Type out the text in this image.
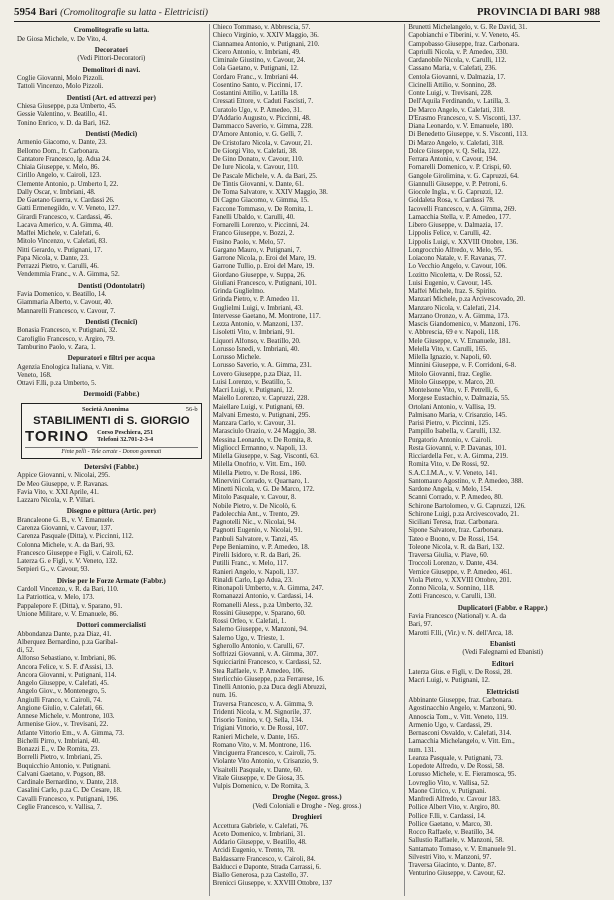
5954 Bari (Cromolitografie su latta - Elettricisti)	PROVINCIA DI BARI 988
Cromolitografie su latta.
De Giosa Michele, v. De Vito, 4.
Decoratori
(Vedi Pittori-Decoratori)
Demolitori di navi.
Coglie Giovanni, Molo Pizzoli.
Tattoli Vincenzo, Molo Pizzoli.
Dentisti (Art. ed attrezzi per)
Chiesa Giuseppe, p.za Umberto, 45.
Gessie Valentino, v. Beatillo, 41.
Tonino Enrico, v. D. da Bari, 162.
Dentisti (Medici)
Armenio Giacomo, v. Dante, 23.
Bellomo Dom., fr. Carbonara.
Cantatore Francesco, lg. Adua 24.
Chiaia Giuseppe, v. Melo, 86.
Cirillo Angelo, v. Cairoli, 123.
Clemente Antonio, p. Umberto I, 22.
Dally Oscar, v. Imbriani, 48.
De Gaetano Guerra, v. Cardassi 26.
Gatti Ermenegildo, v. V. Veneto, 127.
Girardi Francesco, v. Cardassi, 46.
Lacava Americo, v. A. Gimma, 40.
Maffei Michele, v. Calefati, 6.
Mitolo Vincenzo, v. Calefati, 83.
Nitti Gerardo, v. Putignani, 17.
Papa Nicola, v. Dante, 23.
Perrazzi Pietro, v. Carulli, 46.
Vendemmia Franc., v. A. Gimma, 52.
Dentisti (Odontolatri)
Favia Domenico, v. Beatillo, 14.
Giammaria Alberto, v. Cavour, 40.
Mannarelli Francesco, v. Cavour, 7.
Dentisti (Tecnici)
Bonasia Francesco, v. Putignani, 32.
Carofiglio Francesco, v. Argiro, 79.
Tamburino Paolo, v. Zara, 1.
Depuratori e filtri per acqua
Agenzia Enologica Italiana, v. Vitt.
Veneto, 168.
Ottavi F.lli, p.za Umberto, 5.
Dermoidi (Fabbr.)
56-b
Società Anonima
STABILIMENTI di S. GIORGIO
TORINO Corso Peschiera, 251
Telefoni 32.701-2-3-4
Finte pelli - Tele cerate - Donon gommati
Detersivi (Fabbr.)
Appice Giovanni, v. Nicolai, 295.
De Meo Giuseppe, v. P. Ravanas.
Favia Vito, v. XXI Aprile, 41.
Lazzaro Nicola, v. P. Villari.
Disegno e pittura (Artic. per)
Brancaleone G. B., v. V. Emanuele.
Carenza Giovanni, v. Cavour, 137.
Carenza Pasquale (Ditta), v. Piccinni, 112.
Colonna Michele, v. A. da Bari, 93.
Francesco Giuseppe e Figli, v. Cairoli, 62.
Laterza G. e Figli, v. V. Veneto, 132.
Serpieri G., v. Cavour, 93.
Divise per le Forze Armate (Fabbr.)
Cardoll Vincenzo, v. R. da Bari, 110.
La Patriottica, v. Melo, 173.
Pappalepore F. (Ditta), v. Sparano, 91.
Unione Militare, v. V. Emanuele, 86.
Dottori commercialisti
Abbondanza Dante, p.za Diaz, 41.
Alberquez Bernardino, p.za Garibal-
di, 52.
Alfonso Sebastiano, v. Imbriani, 86.
Ancora Felice, v. S. F. d'Assisi, 13.
Ancora Giovanni, v. Putignani, 114.
Angelo Giuseppe, v. Calefati, 45.
Angelo Giov., v. Montenegro, 5.
Angiulli Franco, v. Cairoli, 74.
Angione Giulio, v. Calefati, 66.
Annese Michele, v. Montrone, 103.
Armenise Giov., v. Trevisani, 22.
Atlante Vittorio Em., v. A. Gimma, 73.
Bichelli Pirro, v. Imbriani, 40.
Bonazzi E., v. De Romita, 23.
Borrelli Pietro, v. Imbriani, 25.
Buquicchio Antonio, v. Putignani.
Calvani Gaetano, v. Pogson, 88.
Cardinale Bernardino, v. Dante, 218.
Casalini Carlo, p.za C. De Cesare, 18.
Cavalli Francesco, v. Putignani, 196.
Ceglie Francesco, v. Vallisa, 7.
Chieco Tommaso, v. Abbrescia, 57.
Chieco Virginio, v. XXIV Maggio, 36.
Ciannamea Antonio, v. Putignani, 210.
Cicero Antonio, v. Imbriani, 49.
Ciminale Giustino, v. Cavour, 24.
Cola Gaetano, v. Putignani, 12.
Cordaro Franc., v. Imbriani 44.
Cosentino Santo, v. Piccinni, 17.
Costantini Attilio, v. Latilla 18.
Cressati Ettore, v. Caduti Fascisti, 7.
Curatolo Ugo, v. P. Amedeo, 31.
D'Addario Augusto, v. Piccinni, 48.
Dammacco Saverio, v. Gimma, 228.
D'Amore Antonio, v. G. Gelli, 7.
De Cristofaro Nicola, v. Cavour, 21.
De Giorgi Vito, v. Calefati, 38.
De Gino Donato, v. Cavour, 110.
De Iure Nicola, v. Cavour, 110.
De Pascale Michele, v. A. da Bari, 25.
De Tintis Giovanni, v. Dante, 61.
De Toma Salvatore, v. XXIV Maggio, 38.
Di Cagno Giacomo, v. Gimma, 15.
Faccone Tommaso, v. De Romita, 1.
Fanelli Ubaldo, v. Carulli, 40.
Fornarelli Lorenzo, v. Piccinni, 24.
Franco Giuseppe, v. Bozzi, 2.
Fusino Paolo, v. Melo, 57.
Gargano Mauro, v. Putignani, 7.
Garrone Nicola, p. Eroi del Mare, 19.
Garrone Tullio, p. Eroi del Mare, 19.
Giordano Giuseppe, v. Suppa, 26.
Giuliani Francesco, v. Putignani, 101.
Grinda Guglielmo.
Grinda Pietro, v. P. Amedeo 11.
Guglielmi Luigi, v. Imbriani, 43.
Intervesse Gaetano, M. Montrone, 117.
Lezza Antonio, v. Manzoni, 137.
Lisoletti Vito, v. Imbriani, 91.
Liquori Alfonso, v. Beatillo, 20.
Lorusso Isnedi, v. Imbriani, 40.
Lorusso Michele.
Lorusso Saverio, v. A. Gimma, 231.
Lovero Giuseppe, p.za Diaz, 11.
Luisi Lorenzo, v. Beatillo, 5.
Macri Luigi, v. Putignani, 12.
Maiello Lorenzo, v. Capruzzi, 228.
Maiellare Luigi, v. Putignani, 69.
Malvani Ernesto, v. Putignani, 295.
Manzara Carlo, v. Cavour, 31.
Marasciulo Orazio, v. 24 Maggio, 38.
Messina Leonardo, v. De Romita, 8.
Miglioccl Ermanno, v. Napoli, 13.
Milella Giuseppe, v. Sag. Visconti, 63.
Milella Onofrio, v. Vitt. Em., 160.
Milella Pietro, v. De Rossi, 186.
Minervini Corrado, v. Quarnaro, 1.
Minetti Nicola, v. G. De Marco, 172.
Mitolo Pasquale, v. Cavour, 8.
Nobile Pietro, v. De Nicolò, 6.
Padolecchia Ant., v. Trento, 29.
Pagnotelli Nic., v. Nicolai, 94.
Pagnotti Eugenio, v. Nicolai, 91.
Panbuli Salvatore, v. Tanzi, 45.
Pepe Beniamino, v. P. Amedeo, 18.
Pirelli Isidoro, v. R. da Bari, 26.
Putilli Franc., v. Melo, 117.
Ranieri Angelo, v. Napoli, 137.
Rinaldi Carlo, Lgo Adua, 23.
Rinonapoli Umberto, v. A. Gimma, 247.
Romanazzi Antonio, v. Cardassi, 14.
Romanelli Aless., p.za Umberto, 32.
Rossini Giuseppe, v. Sparano, 60.
Rossi Orfeo, v. Calefati, 1.
Salerno Giuseppe, v. Manzoni, 94.
Salerno Ugo, v. Trieste, 1.
Sgherollo Antonio, v. Carulli, 67.
Soffrizzi Giovanni, v. A. Gimma, 307.
Squicciarini Francesco, v. Cardassi, 52.
Stea Raffaele, v. P. Amedeo, 106.
Sterlicchio Giuseppe, p.za Ferrarese, 16.
Tinelli Antonio, p.za Duca degli Abruzzi,
num. 16.
Traversa Francesco, v. A. Gimma, 9.
Tridenti Nicola, v. M. Signorile, 37.
Trisorio Tonino, v. Q. Sella, 134.
Trigiani Vittorio, v. De Rossi, 107.
Ranieri Michele, v. Dante, 165.
Romano Vito, v. M. Montrone, 116.
Vinciguerra Francesco, v. Cairoli, 75.
Violante Vito Antonio, v. Crisanzio, 9.
Visaitelli Pasquale, v. Dante, 60.
Vitale Giuseppe, v. De Giosa, 35.
Vulpis Domenico, v. De Romita, 3.
Droghe (Negoz. gross.)
(Vedi Coloniali e Droghe - Neg. gross.)
Droghieri
Accettura Gabriele, v. Calefati, 76.
Aceto Domenico, v. Imbriani, 31.
Addario Giuseppe, v. Beatillo, 48.
Arcidi Eugenio, v. Trento, 78.
Baldassarre Francesco, v. Cairoli, 84.
Balducci e Daponte, Strada Carrassi, 6.
Biallo Generosa, p.za Castello, 37.
Brenicci Giuseppe, v. XXVIII Ottobre, 137
Brunetti Michelangelo, v. G. Re David, 31.
Capobianchi e Tiberini, v. V. Veneto, 45.
Campobasso Giuseppe, fraz. Carbonara.
Capriulli Nicola, v. P. Amedeo, 330.
Cardanobile Nicola, v. Carulli, 112.
Cassano Maria, v. Calefati, 236.
Centola Giovanni, v. Dalmazia, 17.
Cicinelli Attilio, v. Sonnino, 28.
Conte Luigi, v. Trevisani, 228.
Dell'Aquila Ferdinando, v. Latilla, 3.
De Marco Angelo, v. Calefati, 318.
D'Erasmo Francesco, v. S. Visconti, 137.
Diana Leonardo, v. V. Emanuele, 180.
Di Benedetto Giuseppe, v. S. Visconti, 113.
Di Marzo Angelo, v. Calefati, 318.
Dolce Giuseppe, v. Q. Sella, 122.
Ferrara Antonio, v. Cavour, 194.
Fornarelli Domenico, v. P. Crispi, 60.
Gangole Girolimina, v. G. Capruzzi, 64.
Giannulli Giuseppe, v. P. Petroni, 6.
Giocole Ingla., v. G. Capruzzi, 12.
Goldaleta Rosa, v. Cardassi 78.
Iacovelli Francesco, v. A. Gimma, 269.
Lamacchia Stella, v. P. Amedeo, 177.
Libero Giuseppe, v. Dalmazia, 17.
Lippolis Felice, v. Carulli, 42.
Lippolis Luigi, v. XXVIII Ottobre, 136.
Longrocchio Alfredo, v. Melo, 95.
Loiacono Natale, v. F. Ravanas, 77.
Lo Vecchio Angelo, v. Cavour, 106.
Lozitto Nicoletta, v. De Rossi, 52.
Luisi Eugenio, v. Cavour, 145.
Maffei Michele, fraz. S. Spirito.
Manzari Michele, p.za Arcivescovado, 20.
Manzaro Nicola, v. Calefati, 214.
Marzano Oronzo, v. A. Gimma, 173.
Mascis Giandomenico, v. Manzoni, 176.
v. Abbrescia, 69 e v. Napoli, 118.
Mele Giuseppe, v. V. Emanuele, 181.
Melella Vito, v. Carulli, 165.
Milella Ignazio, v. Napoli, 60.
Minnini Giuseppe, v. F. Corridoni, 6-8.
Mitolo Giovanni, fraz. Ceglie.
Mitolo Giuseppe, v. Marco, 20.
Montelsone Vito, v. F. Petrelli, 6.
Morgese Eustachio, v. Dalmazia, 55.
Ortolani Antonio, v. Vallisa, 19.
Palmisano Maria, v. Crisanzio, 145.
Parisi Pietro, v. Piccinni, 125.
Pampillo Isabella, v. Carulli, 132.
Purgatorio Antonio, v. Cairoli.
Resta Giovanni, v. P. Davanas, 101.
Ricciardella Fer., v. A. Gimma, 219.
Romita Vito, v. De Rossi, 92.
S.A.C.I.M.A., v. V. Veneto, 141.
Santomauro Agostino, v. P. Amedeo, 388.
Sardone Angela, v. Melo, 154.
Scanni Corrado, v. P. Amedeo, 80.
Schirone Bartolomeo, v. G. Capruzzi, 126.
Schirone Luigi, p.za Arcivescovado, 21.
Siciliani Teresa, fraz. Carbonara.
Sipone Salvatore, fraz. Carbonara.
Tateo e Buono, v. De Rossi, 154.
Toleone Nicola, v. R. da Bari, 132.
Traversa Giulia, v. Piave, 60.
Troccoli Lorenzo, v. Dante, 434.
Vernice Giuseppe, v. P. Amedeo, 461.
Viola Pietro, v. XXVIII Ottobre, 201.
Zonno Nicola, v. Sonnino, 118.
Zotti Francesco, v. Carulli, 130.
Duplicatori (Fabbr. e Rappr.)
Favia Francesco (National) v. A. da
Bari, 97.
Marotti F.lli, (Vir.) v. N. dell'Arca, 18.
Ebanisti
(Vedi Falegnami ed Ebanisti)
Editori
Laterza Gius. e Figli, v. De Rossi, 28.
Macri Luigi, v. Putignani, 12.
Elettricisti
Abbinante Giuseppe, fraz. Carbonara.
Agostinacchio Angelo, v. Manzoni, 90.
Annoscia Tom., v. Vitt. Veneto, 119.
Armenio Ugo, v. Cardassi, 29.
Bernasconi Osvaldo, v. Calefati, 314.
Lamacchia Michelangelo, v. Vitt. Em.,
num. 131.
Leanza Pasquale, v. Putignani, 73.
Lopedote Alfredo, v. De Rossi, 58.
Lorusso Michele, v. E. Fieramosca, 95.
Lovreglio Vito, v. Vallisa, 52.
Maone Citrico, v. Putignani.
Manfredi Alfredo, v. Cavour 183.
Pollice Albert Vito, v. Argiro, 80.
Pollice F.lli, v. Cardassi, 14.
Pollice Gaetano, v. Marco, 30.
Rocco Raffaele, v. Beatillo, 34.
Sallustio Raffaele, v. Manzoni, 58.
Santamato Tomaso, v. V. Emanuele 91.
Silvestri Vito, v. Manzoni, 97.
Traversa Giacinto, v. Dante, 87.
Venturino Giuseppe, v. Cavour, 62.
